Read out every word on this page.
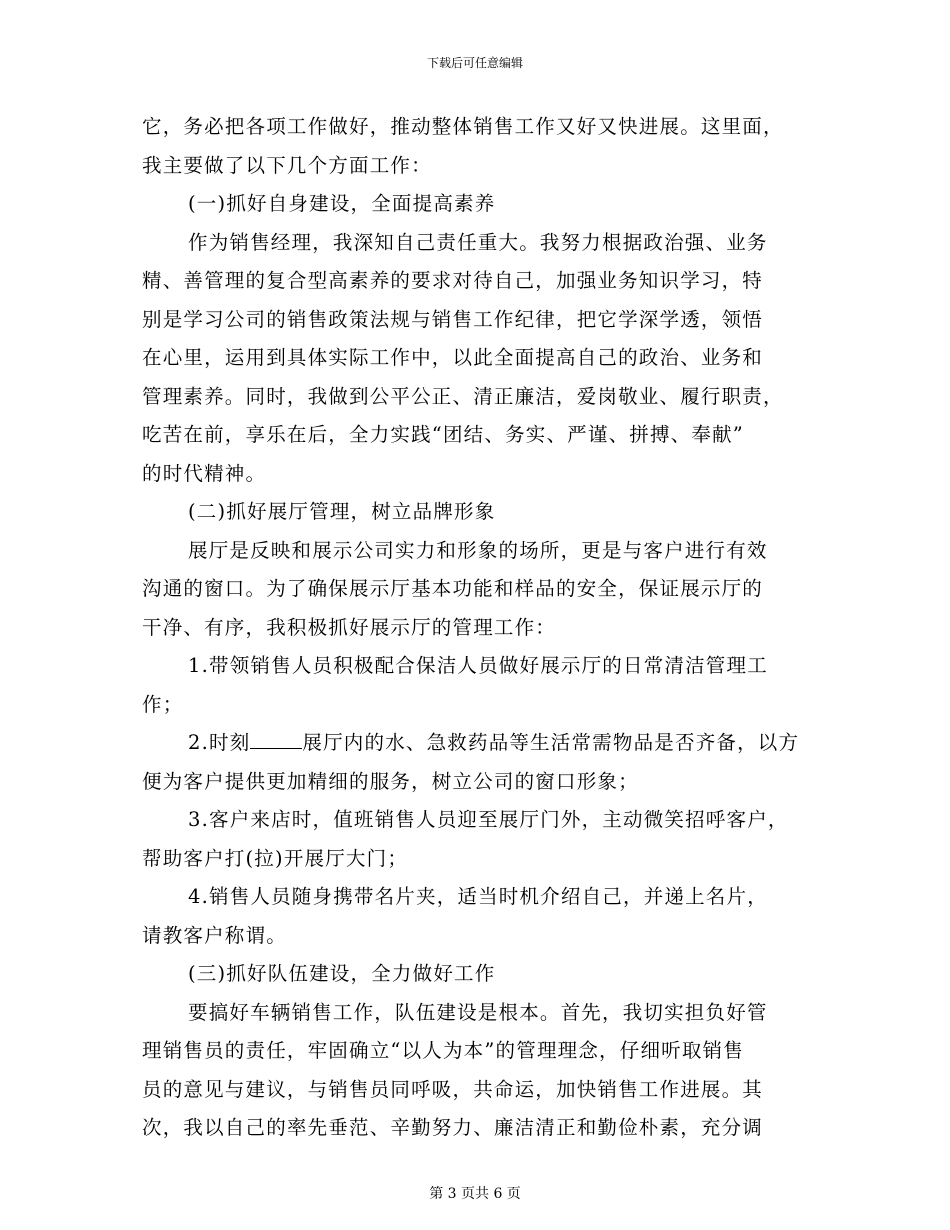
下载后可任意编辑
它，务必把各项工作做好，推动整体销售工作又好又快进展。这里面，
我主要做了以下几个方面工作：
(一)抓好自身建设，全面提高素养
作为销售经理，我深知自己责任重大。我努力根据政治强、业务
精、善管理的复合型高素养的要求对待自己，加强业务知识学习，特
别是学习公司的销售政策法规与销售工作纪律，把它学深学透，领悟
在心里，运用到具体实际工作中，以此全面提高自己的政治、业务和
管理素养。同时，我做到公平公正、清正廉洁，爱岗敬业、履行职责，
吃苦在前，享乐在后，全力实践“团结、务实、严谨、拼搏、奉献”
的时代精神。
(二)抓好展厅管理，树立品牌形象
展厅是反映和展示公司实力和形象的场所，更是与客户进行有效
沟通的窗口。为了确保展示厅基本功能和样品的安全，保证展示厅的
干净、有序，我积极抓好展示厅的管理工作：
1.带领销售人员积极配合保洁人员做好展示厅的日常清洁管理工
作；
2.时刻	展厅内的水、急救药品等生活常需物品是否齐备，以方
便为客户提供更加精细的服务，树立公司的窗口形象；
3.客户来店时，值班销售人员迎至展厅门外，主动微笑招呼客户，
帮助客户打(拉)开展厅大门；
4.销售人员随身携带名片夹，适当时机介绍自己，并递上名片，
请教客户称谓。
(三)抓好队伍建设，全力做好工作
要搞好车辆销售工作，队伍建设是根本。首先，我切实担负好管
理销售员的责任，牢固确立“以人为本”的管理理念，仔细听取销售
员的意见与建议，与销售员同呼吸，共命运，加快销售工作进展。其
次，我以自己的率先垂范、辛勤努力、廉洁清正和勤俭朴素，充分调
第 3 页共 6 页
